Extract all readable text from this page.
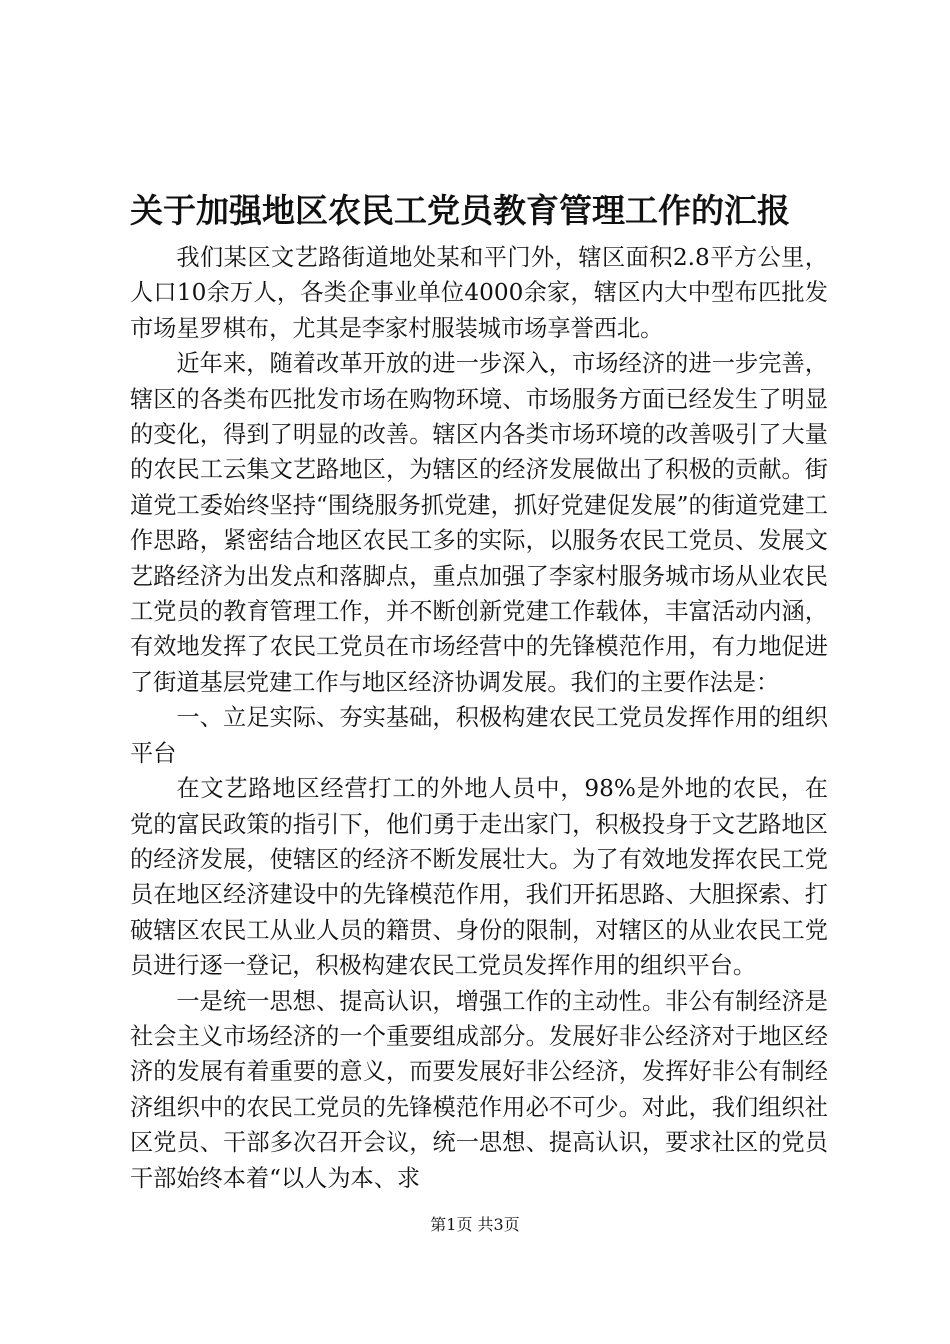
关于加强地区农民工党员教育管理工作的汇报

我们某区文艺路街道地处某和平门外，辖区面积2.8平方公里，人口10余万人，各类企事业单位4000余家，辖区内大中型布匹批发市场星罗棋布，尤其是李家村服装城市场享誉西北。

近年来，随着改革开放的进一步深入，市场经济的进一步完善，辖区的各类布匹批发市场在购物环境、市场服务方面已经发生了明显的变化，得到了明显的改善。辖区内各类市场环境的改善吸引了大量的农民工云集文艺路地区，为辖区的经济发展做出了积极的贡献。街道党工委始终坚持“围绕服务抓党建，抓好党建促发展”的街道党建工作思路，紧密结合地区农民工多的实际，以服务农民工党员、发展文艺路经济为出发点和落脚点，重点加强了李家村服务城市场从业农民工党员的教育管理工作，并不断创新党建工作载体，丰富活动内涵，有效地发挥了农民工党员在市场经营中的先锋模范作用，有力地促进了街道基层党建工作与地区经济协调发展。我们的主要作法是：

一、立足实际、夯实基础，积极构建农民工党员发挥作用的组织平台

在文艺路地区经营打工的外地人员中，98%是外地的农民，在党的富民政策的指引下，他们勇于走出家门，积极投身于文艺路地区的经济发展，使辖区的经济不断发展壮大。为了有效地发挥农民工党员在地区经济建设中的先锋模范作用，我们开拓思路、大胆探索、打破辖区农民工从业人员的籍贯、身份的限制，对辖区的从业农民工党员进行逐一登记，积极构建农民工党员发挥作用的组织平台。

一是统一思想、提高认识，增强工作的主动性。非公有制经济是社会主义市场经济的一个重要组成部分。发展好非公经济对于地区经济的发展有着重要的意义，而要发展好非公经济，发挥好非公有制经济组织中的农民工党员的先锋模范作用必不可少。对此，我们组织社区党员、干部多次召开会议，统一思想、提高认识，要求社区的党员干部始终本着“以人为本、求

第1页 共3页
